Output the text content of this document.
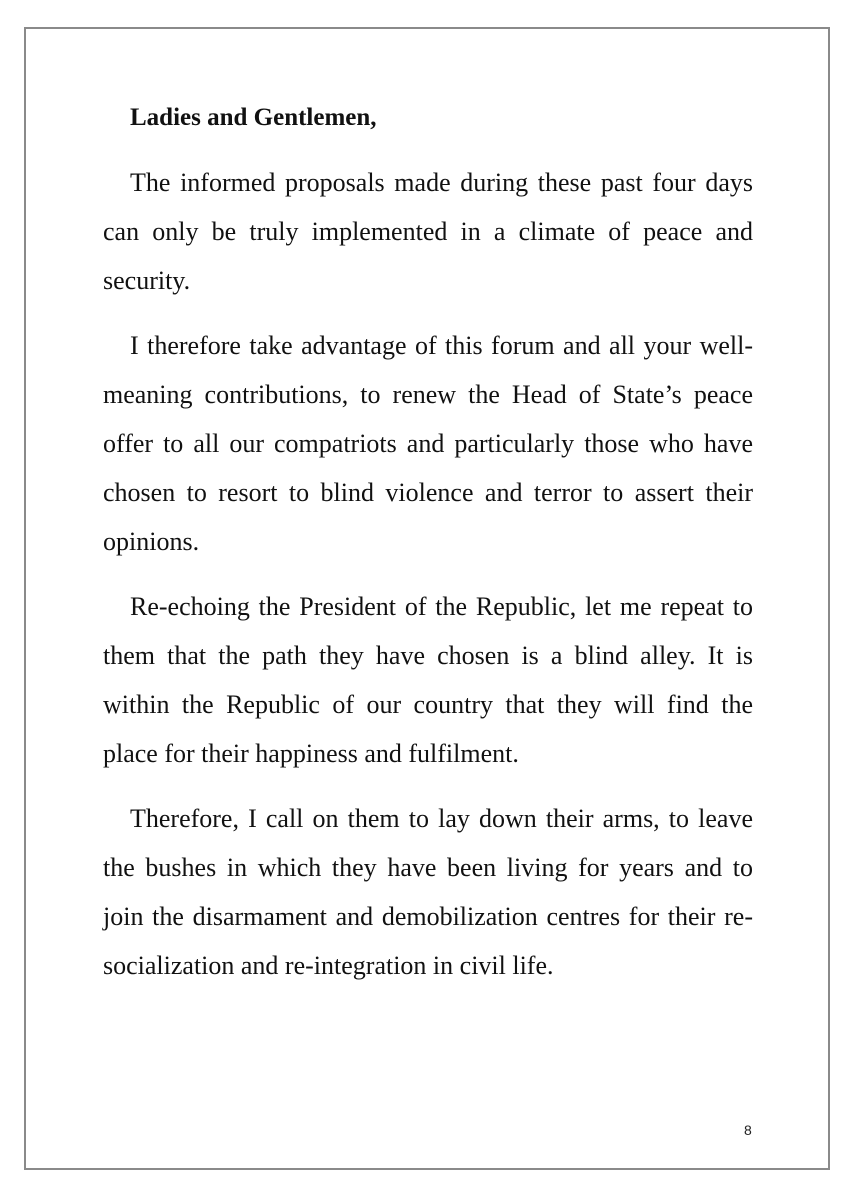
Ladies and Gentlemen,

The informed proposals made during these past four days can only be truly implemented in a climate of peace and security.

I therefore take advantage of this forum and all your well-meaning contributions, to renew the Head of State’s peace offer to all our compatriots and particularly those who have chosen to resort to blind violence and terror to assert their opinions.

Re-echoing the President of the Republic, let me repeat to them that the path they have chosen is a blind alley. It is within the Republic of our country that they will find the place for their happiness and fulfilment.

Therefore, I call on them to lay down their arms, to leave the bushes in which they have been living for years and to join the disarmament and demobilization centres for their re-socialization and re-integration in civil life.

8
